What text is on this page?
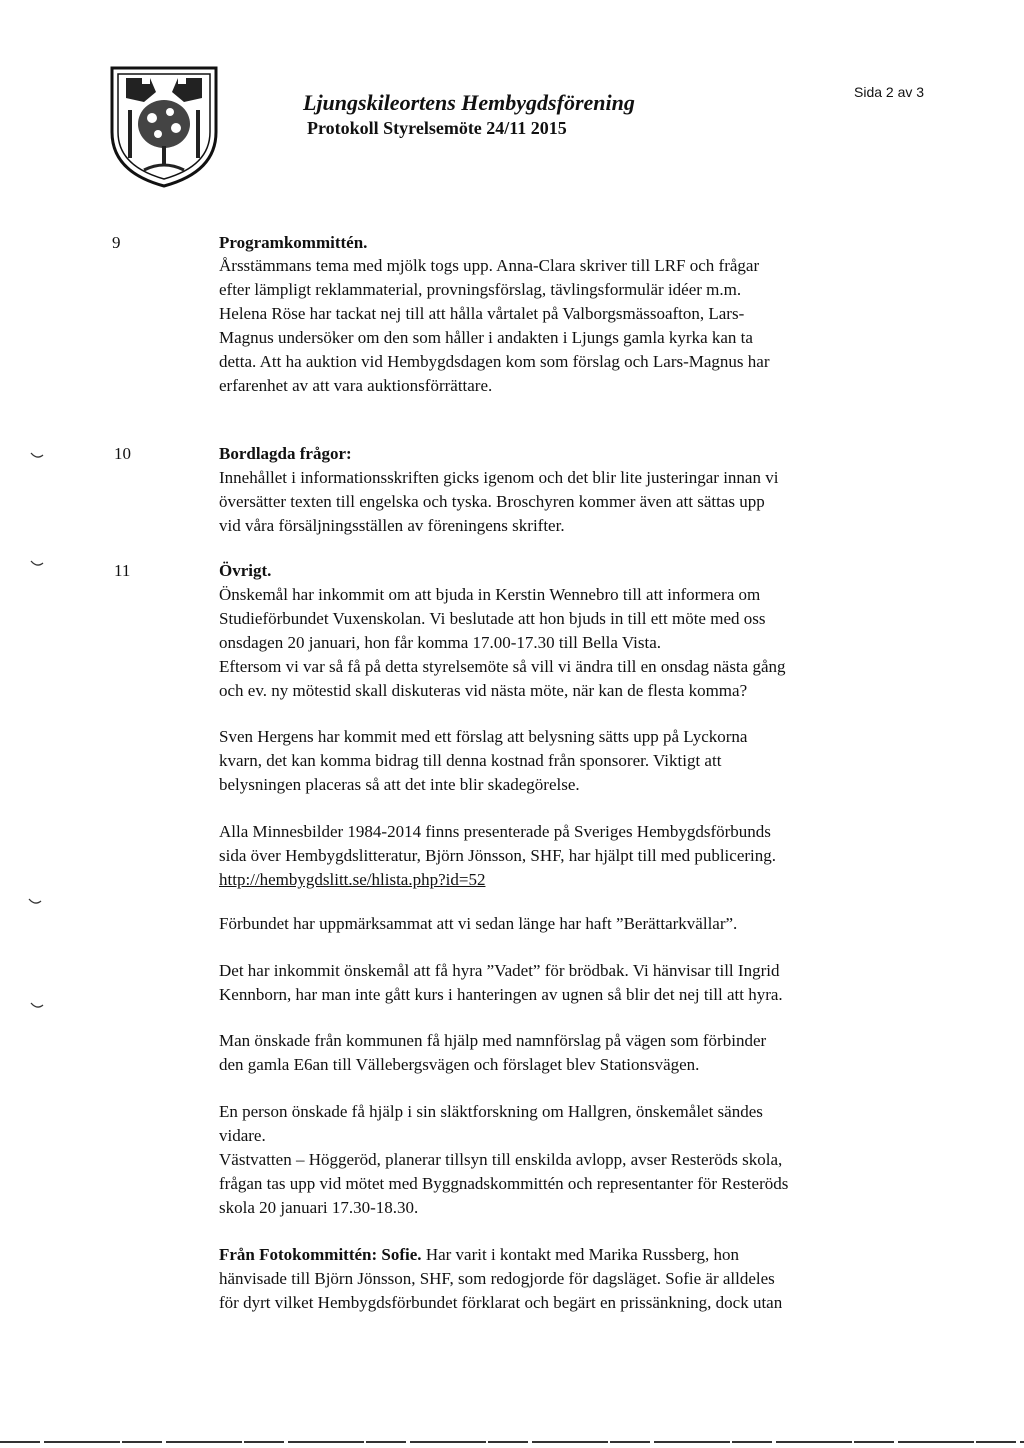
Ljungskileortens Hembygdsförening
Protokoll Styrelsemöte 24/11 2015
Sida 2 av 3
9	Programkommittén.
Årsstämmans tema med mjölk togs upp. Anna-Clara skriver till LRF och frågar
efter lämpligt reklammaterial, provningsförslag, tävlingsformulär idéer m.m.
Helena Röse har tackat nej till att hålla vårtalet på Valborgsmässoafton, Lars-
Magnus undersöker om den som håller i andakten i Ljungs gamla kyrka kan ta
detta. Att ha auktion vid Hembygdsdagen kom som förslag och Lars-Magnus har
erfarenhet av att vara auktionsförrättare.
10	Bordlagda frågor:
Innehållet i informationsskriften gicks igenom och det blir lite justeringar innan vi
översätter texten till engelska och tyska. Broschyren kommer även att sättas upp
vid våra försäljningsställen av föreningens skrifter.
11	Övrigt.
Önskemål har inkommit om att bjuda in Kerstin Wennebro till att informera om
Studieförbundet Vuxenskolan. Vi beslutade att hon bjuds in till ett möte med oss
onsdagen 20 januari, hon får komma 17.00-17.30 till Bella Vista.
Eftersom vi var så få på detta styrelsemöte så vill vi ändra till en onsdag nästa gång
och ev. ny mötestid skall diskuteras vid nästa möte, när kan de flesta komma?
Sven Hergens har kommit med ett förslag att belysning sätts upp på Lyckorna
kvarn, det kan komma bidrag till denna kostnad från sponsorer. Viktigt att
belysningen placeras så att det inte blir skadegörelse.
Alla Minnesbilder 1984-2014 finns presenterade på Sveriges Hembygdsförbunds
sida över Hembygdslitteratur, Björn Jönsson, SHF, har hjälpt till med publicering.
http://hembygdslitt.se/hlista.php?id=52
Förbundet har uppmärksammat att vi sedan länge har haft ”Berättarkvällar”.
Det har inkommit önskemål att få hyra ”Vadet” för brödbak. Vi hänvisar till Ingrid
Kennborn, har man inte gått kurs i hanteringen av ugnen så blir det nej till att hyra.
Man önskade från kommunen få hjälp med namnförslag på vägen som förbinder
den gamla E6an till Vällebergsvägen och förslaget blev Stationsvägen.
En person önskade få hjälp i sin släktforskning om Hallgren, önskemålet sändes
vidare.
Västvatten – Höggeröd, planerar tillsyn till enskilda avlopp, avser Resteröds skola,
frågan tas upp vid mötet med Byggnadskommittén och representanter för Resteröds
skola 20 januari 17.30-18.30.
Från Fotokommittén: Sofie. Har varit i kontakt med Marika Russberg, hon
hänvisade till Björn Jönsson, SHF, som redogjorde för dagsläget. Sofie är alldeles
för dyrt vilket Hembygdsförbundet förklarat och begärt en prissänkning, dock utan
